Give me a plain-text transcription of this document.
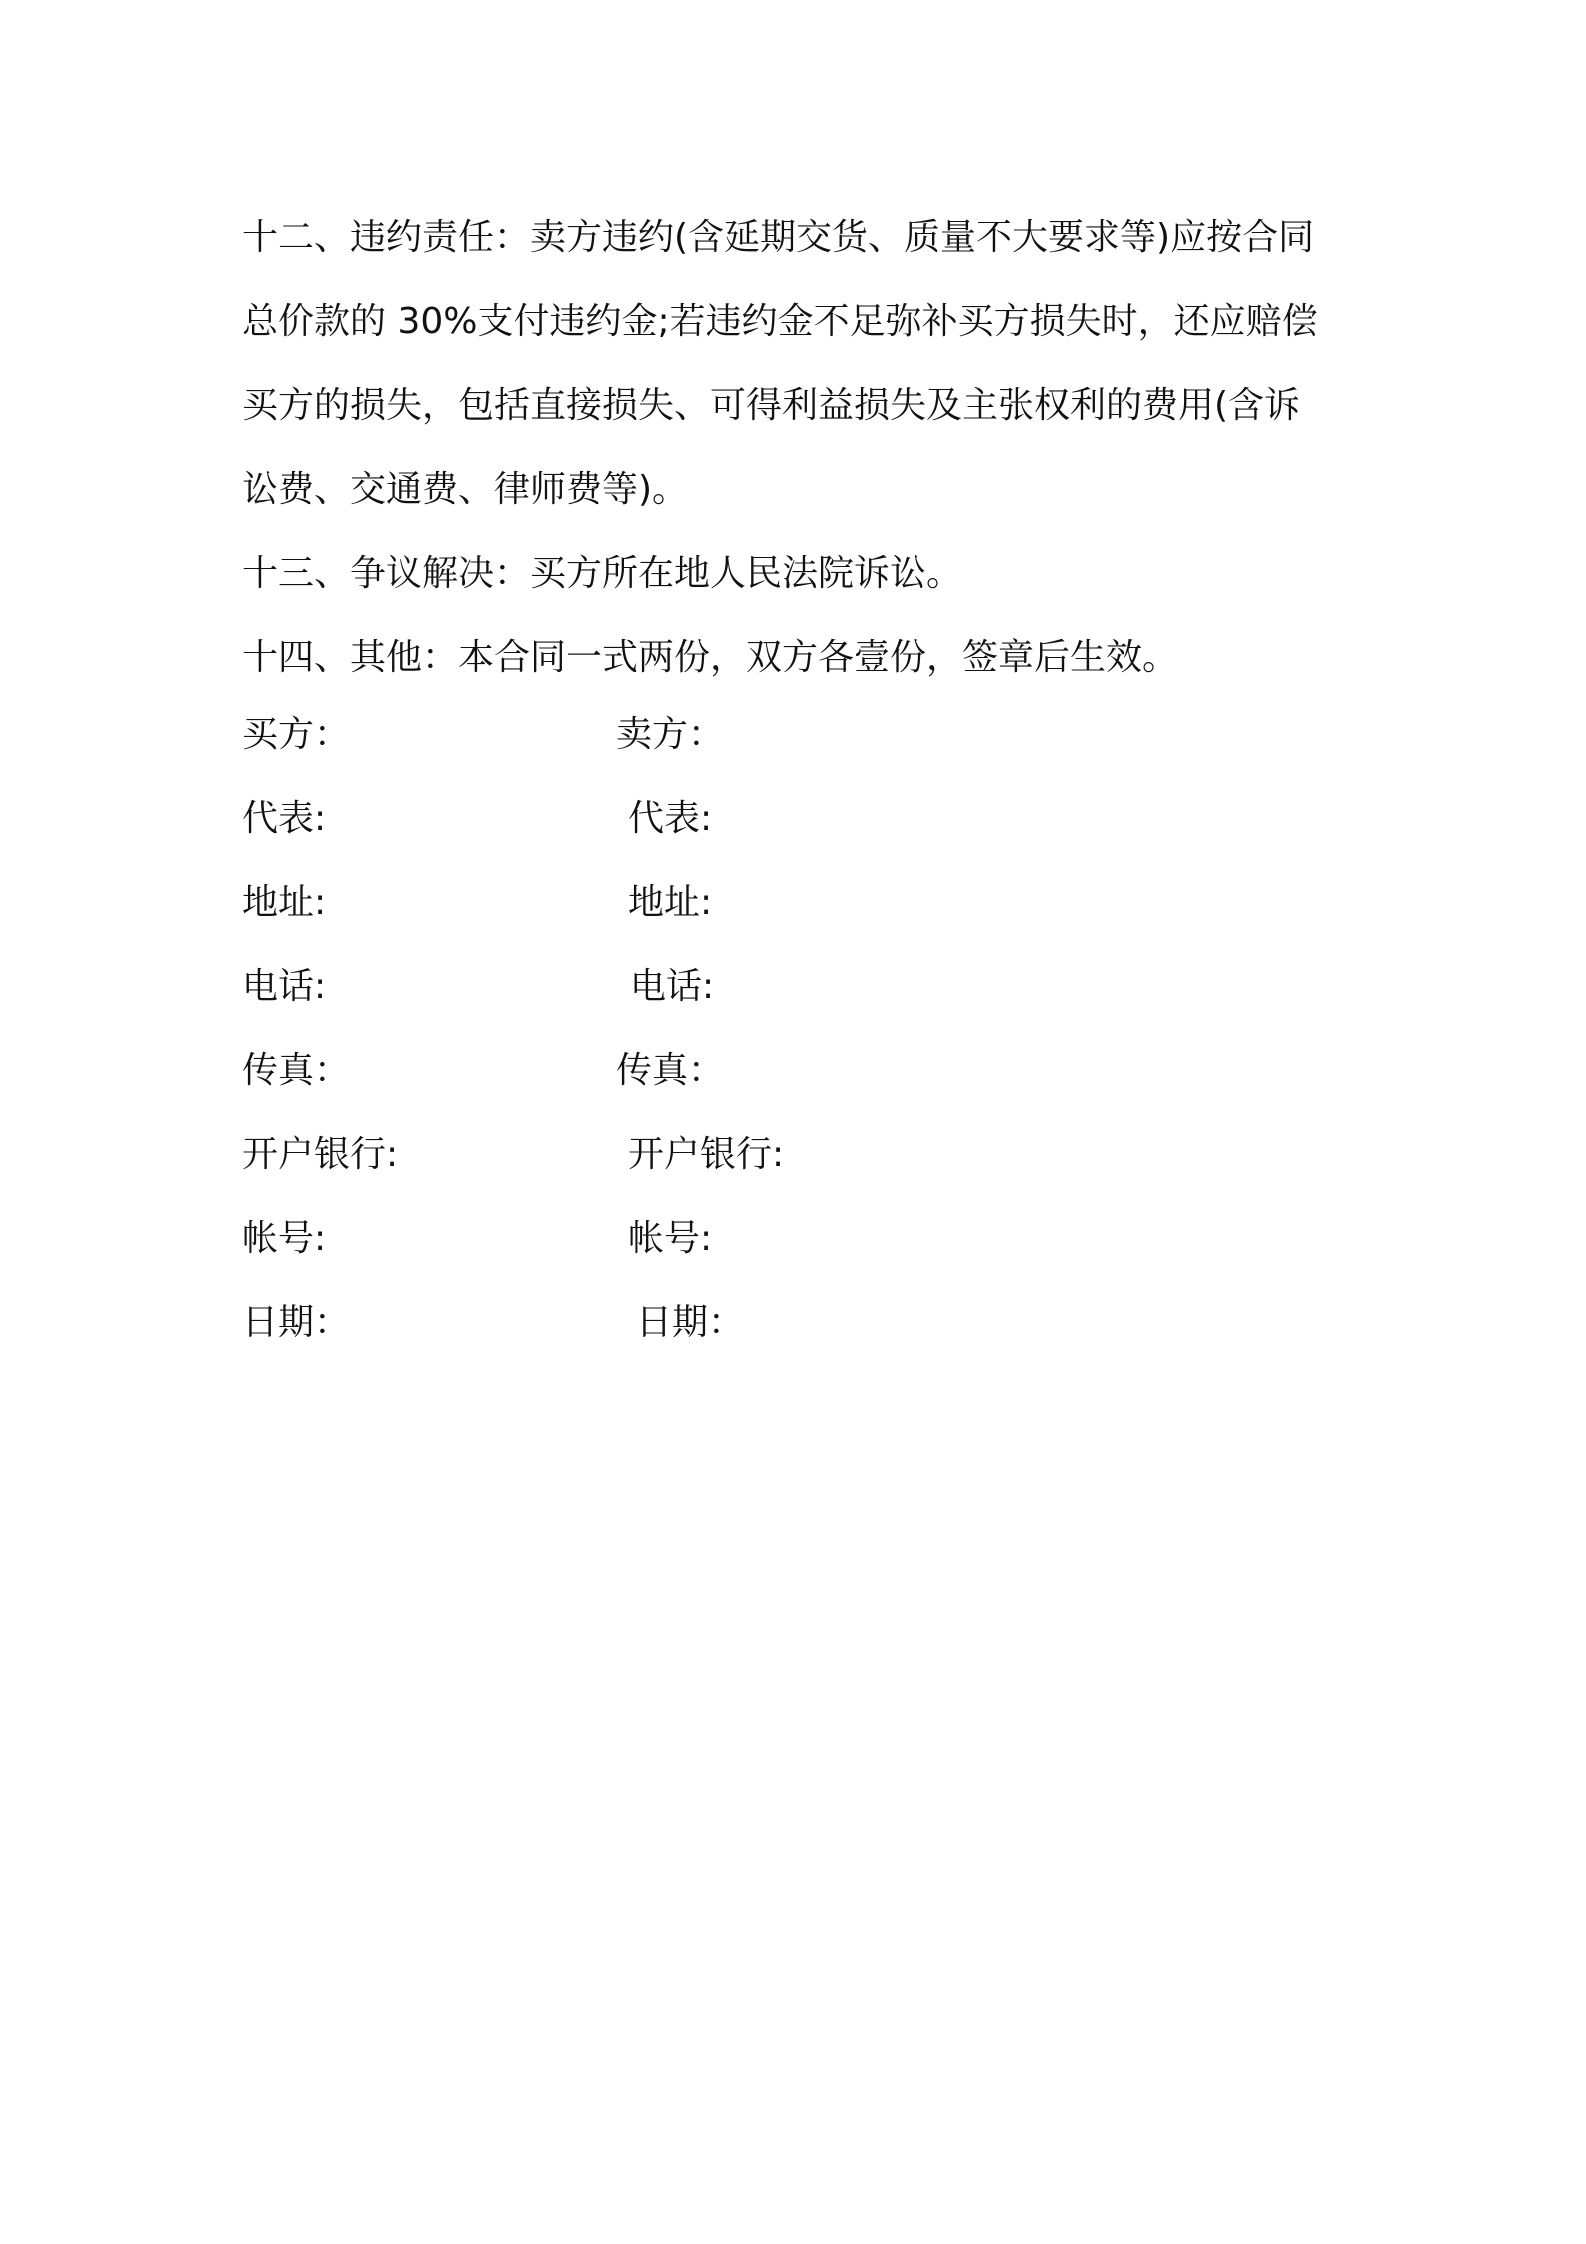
十二、违约责任：卖方违约(含延期交货、质量不大要求等)应按合同
总价款的 30%支付违约金;若违约金不足弥补买方损失时，还应赔偿
买方的损失，包括直接损失、可得利益损失及主张权利的费用(含诉
讼费、交通费、律师费等)。
十三、争议解决：买方所在地人民法院诉讼。
十四、其他：本合同一式两份，双方各壹份，签章后生效。
买方：	卖方：
代表:	代表:
地址:	地址:
电话:	电话:
传真：	传真：
开户银行:	开户银行:
帐号:	帐号:
日期：	日期：
